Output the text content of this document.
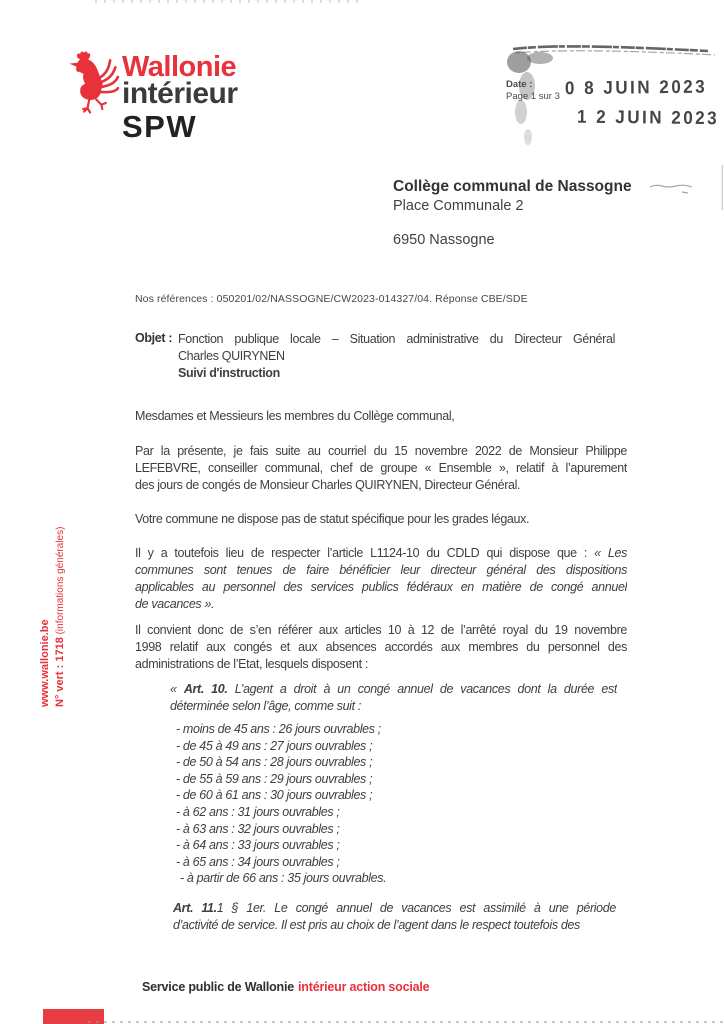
Wallonie
intérieur
SPW
Date :
Page 1 sur 3 0 8 JUIN 2023
1 2 JUIN 2023
Collège communal de Nassogne
Place Communale 2
6950 Nassogne
Nos références : 050201/02/NASSOGNE/CW2023-014327/04. Réponse CBE/SDE
Objet : Fonction publique locale – Situation administrative du Directeur Général
Charles QUIRYNEN
Suivi d'instruction
Mesdames et Messieurs les membres du Collège communal,
Par la présente, je fais suite au courriel du 15 novembre 2022 de Monsieur Philippe
LEFEBVRE, conseiller communal, chef de groupe « Ensemble », relatif à l’apurement
des jours de congés de Monsieur Charles QUIRYNEN, Directeur Général.
Votre commune ne dispose pas de statut spécifique pour les grades légaux.
Il y a toutefois lieu de respecter l’article L1124-10 du CDLD qui dispose que : « Les
communes sont tenues de faire bénéficier leur directeur général des dispositions
applicables au personnel des services publics fédéraux en matière de congé annuel
de vacances ».
Il convient donc de s’en référer aux articles 10 à 12 de l’arrêté royal du 19 novembre
1998 relatif aux congés et aux absences accordés aux membres du personnel des
administrations de l’Etat, lesquels disposent :
« Art. 10. L’agent a droit à un congé annuel de vacances dont la durée est
déterminée selon l’âge, comme suit :
- moins de 45 ans : 26 jours ouvrables ;
- de 45 à 49 ans : 27 jours ouvrables ;
- de 50 à 54 ans : 28 jours ouvrables ;
- de 55 à 59 ans : 29 jours ouvrables ;
- de 60 à 61 ans : 30 jours ouvrables ;
- à 62 ans : 31 jours ouvrables ;
- à 63 ans : 32 jours ouvrables ;
- à 64 ans : 33 jours ouvrables ;
- à 65 ans : 34 jours ouvrables ;
- à partir de 66 ans : 35 jours ouvrables.
Art. 11.1 § 1er. Le congé annuel de vacances est assimilé à une période
d’activité de service. Il est pris au choix de l’agent dans le respect toutefois des
www.wallonie.be N° vert : 1718 (informations générales)
Service public de Wallonie intérieur action sociale
